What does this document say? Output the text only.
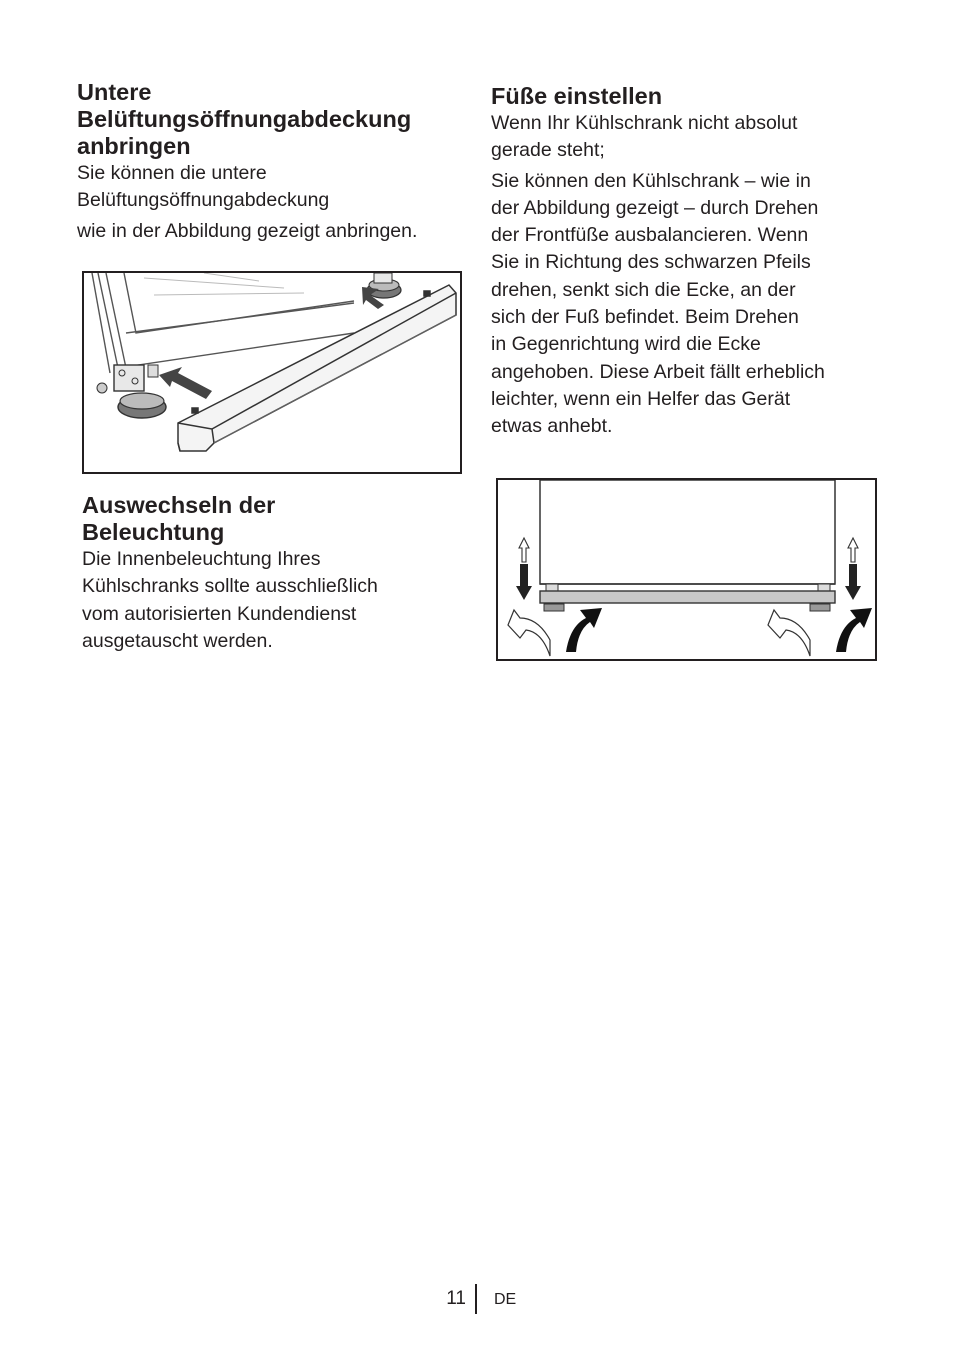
Untere
Belüftungsöffnungabdeckung
anbringen

Sie können die untere
Belüftungsöffnungabdeckung

wie in der Abbildung gezeigt anbringen.

Auswechseln der
Beleuchtung

Die Innenbeleuchtung Ihres
Kühlschranks sollte ausschließlich
vom autorisierten Kundendienst
ausgetauscht werden.

Füße einstellen

Wenn Ihr Kühlschrank nicht absolut
gerade steht;

Sie können den Kühlschrank – wie in
der Abbildung gezeigt – durch Drehen
der Frontfüße ausbalancieren. Wenn
Sie in Richtung des schwarzen Pfeils
drehen, senkt sich die Ecke, an der
sich der Fuß befindet. Beim Drehen
in Gegenrichtung wird die Ecke
angehoben. Diese Arbeit fällt erheblich
leichter, wenn ein Helfer das Gerät
etwas anhebt.

11 DE
